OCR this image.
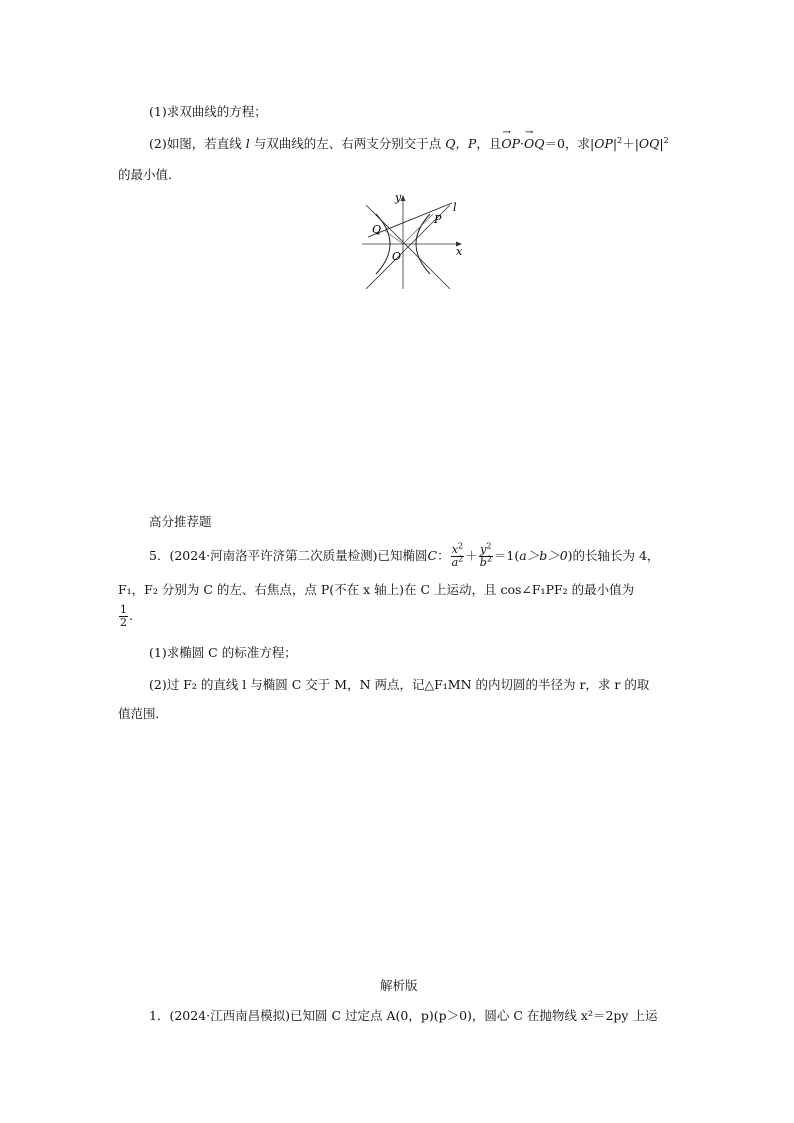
(1)求双曲线的方程；
(2)如图，若直线 l 与双曲线的左、右两支分别交于点 Q，P，且→ OP·→ OQ＝0，求$|OP|^2+|OQ|^2$
的最小值．
y
x
l
P
Q
O
高分推荐题
5．(2024·河南洛平许济第二次质量检测)已知椭圆C： $\frac{x^2}{a^2} + \frac{y^2}{b^2} =1(a>b>0)$的长轴长为 4，
F₁，F₂ 分别为 C 的左、右焦点，点 P(不在 x 轴上)在 C 上运动，且 cos∠F₁PF₂ 的最小值为
$\frac{1}{2}$ .
(1)求椭圆 C 的标准方程；
(2)过 F₂ 的直线 l 与椭圆 C 交于 M，N 两点，记△F₁MN 的内切圆的半径为 r，求 r 的取
值范围．
解析版
1．(2024·江西南昌模拟)已知圆 C 过定点 A(0，p)(p＞0)，圆心 C 在抛物线 x²＝2py 上运
